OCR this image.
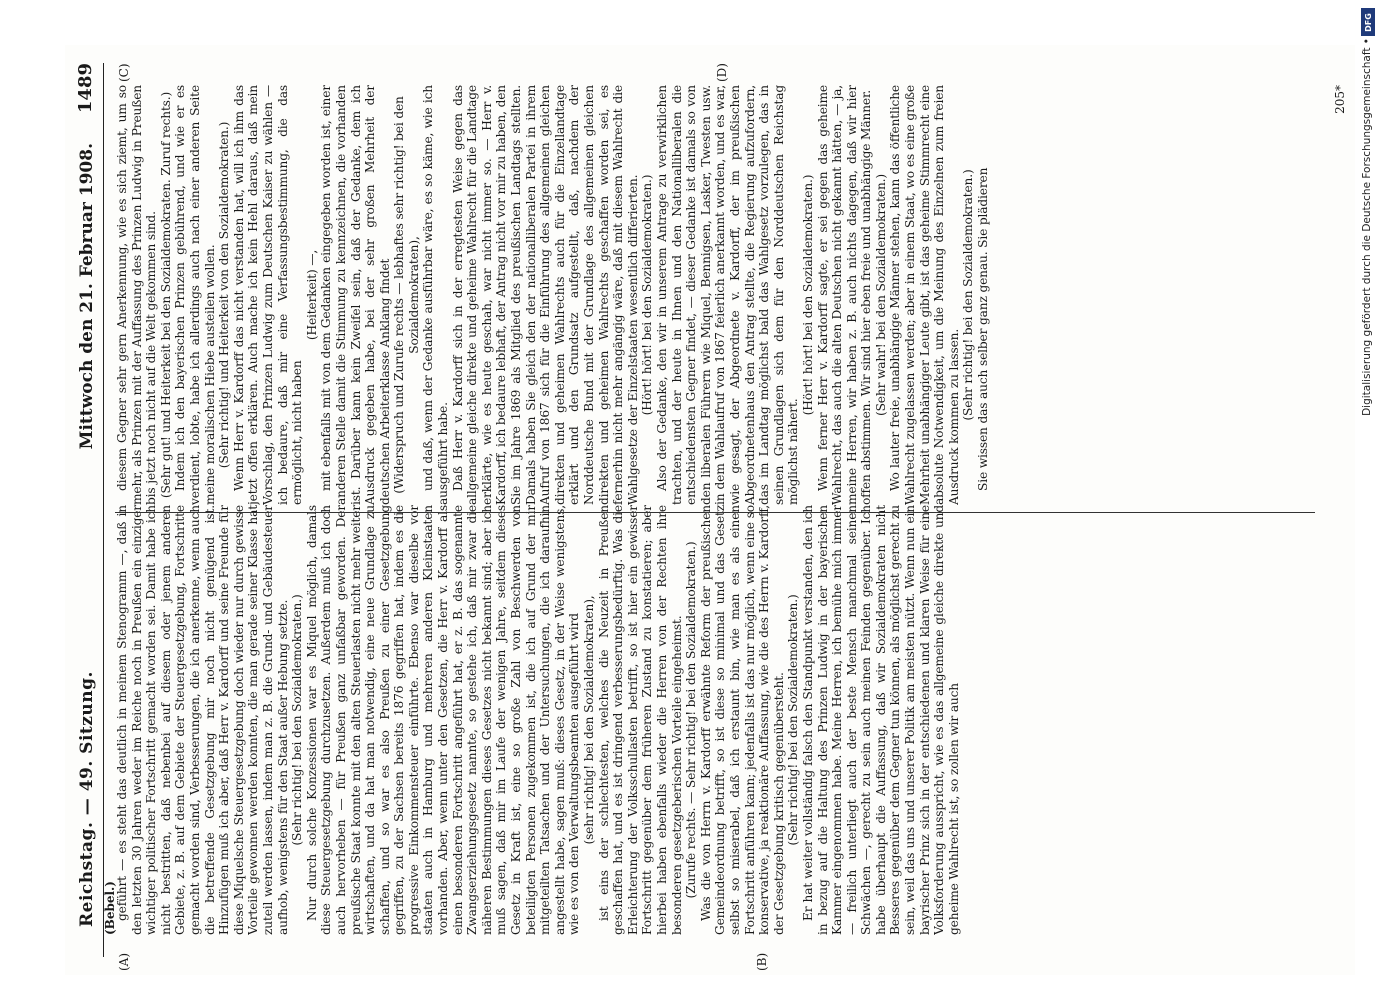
Reichstag. — 49. Sitzung.
Mittwoch den 21. Februar 1908.
1489
(Bebel.)
(A)	(B)
(C)	(D)

geführt — es steht das deutlich in meinem Stenogramm —, daß in den letzten 30 Jahren weder im Reiche noch in Preußen ein einziger wichtiger politischer Fortschritt gemacht worden sei. Damit habe ich nicht bestritten, daß nebenbei auf diesem oder jenem anderen Gebiete, z. B. auf dem Gebiete der Steuergesetzgebung, Fortschritte gemacht worden sind, Verbesserungen, die ich anerkenne, wenn auch die betreffende Gesetzgebung mir noch nicht genügend ist. Hinzufügen muß ich aber, daß Herr v. Kardorff und seine Freunde für diese Miquelsche Steuergesetzgebung doch wieder nur durch gewisse Vorteile gewonnen werden konnten, die man gerade seiner Klasse hat zuteil werden lassen, indem man z. B. die Grund- und Gebäudesteuer aufhob, wenigstens für den Staat außer Hebung setzte. (Sehr richtig! bei den Sozialdemokraten.) Nur durch solche Konzessionen war es Miquel möglich, damals diese Steuergesetzgebung durchzusetzen. Außerdem muß ich doch auch hervorheben — für Preußen ganz unfaßbar geworden. Der preußische Staat konnte mit den alten Steuerlasten nicht mehr weiter wirtschaften, und da hat man notwendig, eine neue Grundlage zu schaffen, und so war es also Preußen zu einer Gesetzgebung gegriffen, zu der Sachsen bereits 1876 gegriffen hat, indem es die progressive Einkommensteuer einführte. Ebenso war dieselbe vor staaten auch in Hamburg und mehreren anderen Kleinstaaten vorhanden. Aber, wenn unter den Gesetzen, die Herr v. Kardorff als einen besonderen Fortschritt angeführt hat, er z. B. das sogenannte Zwangserziehungsgesetz nannte, so gestehe ich, daß mir zwar die näheren Bestimmungen dieses Gesetzes nicht bekannt sind; aber ich muß sagen, daß mir im Laufe der wenigen Jahre, seitdem dieses Gesetz in Kraft ist, eine so große Zahl von Beschwerden von beteiligten Personen zugekommen ist, die ich auf Grund der mir mitgeteilten Tatsachen und der Untersuchungen, die ich daraufhin angestellt habe, sagen muß: dieses Gesetz, in der Weise wenigstens, wie es von den Verwaltungsbeamten ausgeführt wird (sehr richtig! bei den Sozialdemokraten), ist eins der schlechtesten, welches die Neuzeit in Preußen geschaffen hat, und es ist dringend verbesserungsbedürftig. Was die Erleichterung der Volksschullasten betrifft, so ist hier ein gewisser Fortschritt gegenüber dem früheren Zustand zu konstatieren; aber hierbei haben ebenfalls wieder die Herren von der Rechten ihre besonderen gesetzgeberischen Vorteile eingeheimst. (Zurufe rechts. — Sehr richtig! bei den Sozialdemokraten.) Was die von Herrn v. Kardorff erwähnte Reform der preußischen Gemeindeordnung betrifft, so ist diese so minimal und das Gesetz selbst so miserabel, daß ich erstaunt bin, wie man es als einen Fortschritt anführen kann; jedenfalls ist das nur möglich, wenn eine so konservative, ja reaktionäre Auffassung, wie die des Herrn v. Kardorff, der Gesetzgebung kritisch gegenübersteht. (Sehr richtig! bei den Sozialdemokraten.) Er hat weiter vollständig falsch den Standpunkt verstanden, den ich in bezug auf die Haltung des Prinzen Ludwig in der bayerischen Kammer eingenommen habe. Meine Herren, ich bemühe mich immer — freilich unterliegt auch der beste Mensch manchmal seinen Schwächen —, gerecht zu sein auch meinen Feinden gegenüber. Ich habe überhaupt die Auffassung, daß wir Sozialdemokraten nicht Besseres gegenüber dem Gegner tun können, als möglichst gerecht zu sein, weil das uns und unserer Politik am meisten nützt. Wenn nun ein bayrischer Prinz sich in der entschiedenen und klaren Weise für eine Volksforderung ausspricht, wie es das allgemeine gleiche direkte und geheime Wahlrecht ist, so zollen wir auch

diesem Gegner sehr gern Anerkennung, wie es sich ziemt, um so mehr, als Prinzen mit der Auffassung des Prinzen Ludwig in Preußen bis jetzt noch nicht auf die Welt gekommen sind. (Sehr gut! und Heiterkeit bei den Sozialdemokraten. Zuruf rechts.) Indem ich den bayerischen Prinzen gebührend, und wie er es verdient, lobte, habe ich allerdings auch nach einer anderen Seite meine moralischen Hiebe austeilen wollen. (Sehr richtig! und Heiterkeit von den Sozialdemokraten.) Wenn Herr v. Kardorff das nicht verstanden hat, will ich ihm das jetzt offen erklären. Auch mache ich kein Hehl daraus, daß mein Vorschlag, den Prinzen Ludwig zum Deutschen Kaiser zu wählen — ich bedaure, daß mir eine Verfassungsbestimmung, die das ermöglicht, nicht haben

(Heiterkeit) —, mit ebenfalls mit von dem Gedanken eingegeben worden ist, einer anderen Stelle damit die Stimmung zu kennzeichnen, die vorhanden ist. Darüber kann kein Zweifel sein, daß der Gedanke, dem ich Ausdruck gegeben habe, bei der sehr großen Mehrheit der deutschen Arbeiterklasse Anklang findet (Widerspruch und Zurufe rechts — lebhaftes sehr richtig! bei den Sozialdemokraten), und daß, wenn der Gedanke ausführbar wäre, es so käme, wie ich ausgeführt habe. Daß Herr v. Kardorff sich in der erregtesten Weise gegen das allgemeine gleiche direkte und geheime Wahlrecht für die Landtage erklärte, wie es heute geschah, war nicht immer so. — Herr v. Kardorff, ich bedaure lebhaft, der Antrag nicht vor mir zu haben, den Sie im Jahre 1869 als Mitglied des preußischen Landtags stellten. Damals haben Sie gleich den der nationalliberalen Partei in ihrem Aufruf von 1867 sich für die Einführung des allgemeinen gleichen direkten und geheimen Wahlrechts auch für die Einzellandtage erklärt und den Grundsatz aufgestellt, daß, nachdem der Norddeutsche Bund mit der Grundlage des allgemeinen gleichen direkten und geheimen Wahlrechts geschaffen worden sei, es fernerhin nicht mehr angängig wäre, daß mit diesem Wahlrecht die Wahlgesetze der Einzelstaaten wesentlich differierten. (Hört! hört! bei den Sozialdemokraten.) Also der Gedanke, den wir in unserem Antrage zu verwirklichen trachten, und der heute in Ihnen und den Nationalliberalen die entschiedensten Gegner findet, — dieser Gedanke ist damals so von den liberalen Führern wie Miquel, Bennigsen, Lasker, Twesten usw. in dem Wahlaufruf von 1867 feierlich anerkannt worden, und es war, wie gesagt, der Abgeordnete v. Kardorff, der im preußischen Abgeordnetenhaus den Antrag stellte, die Regierung aufzufordern, das im Landtag möglichst bald das Wahlgesetz vorzulegen, das in seinen Grundlagen sich dem für den Norddeutschen Reichstag möglichst nähert.

(Hört! hört! bei den Sozialdemokraten.) Wenn ferner Herr v. Kardorff sagte, er sei gegen das geheime Wahlrecht, das auch die alten Deutschen nicht gekannt hätten, — ja, meine Herren, wir haben z. B. auch nichts dagegen, daß wir hier offen abstimmen. Wir sind hier eben freie und unabhängige Männer. (Sehr wahr! bei den Sozialdemokraten.) Wo lauter freie, unabhängige Männer stehen, kann das öffentliche Wahlrecht zugelassen werden; aber in einem Staat, wo es eine große Mehrheit unabhängiger Leute gibt, ist das geheime Stimmrecht eine absolute Notwendigkeit, um die Meinung des Einzelnen zum freien Ausdruck kommen zu lassen. (Sehr richtig! bei den Sozialdemokraten.) Sie wissen das auch selber ganz genau. Sie plädieren

205*
DFG
Digitalisierung gefördert durch die Deutsche Forschungsgemeinschaft •
